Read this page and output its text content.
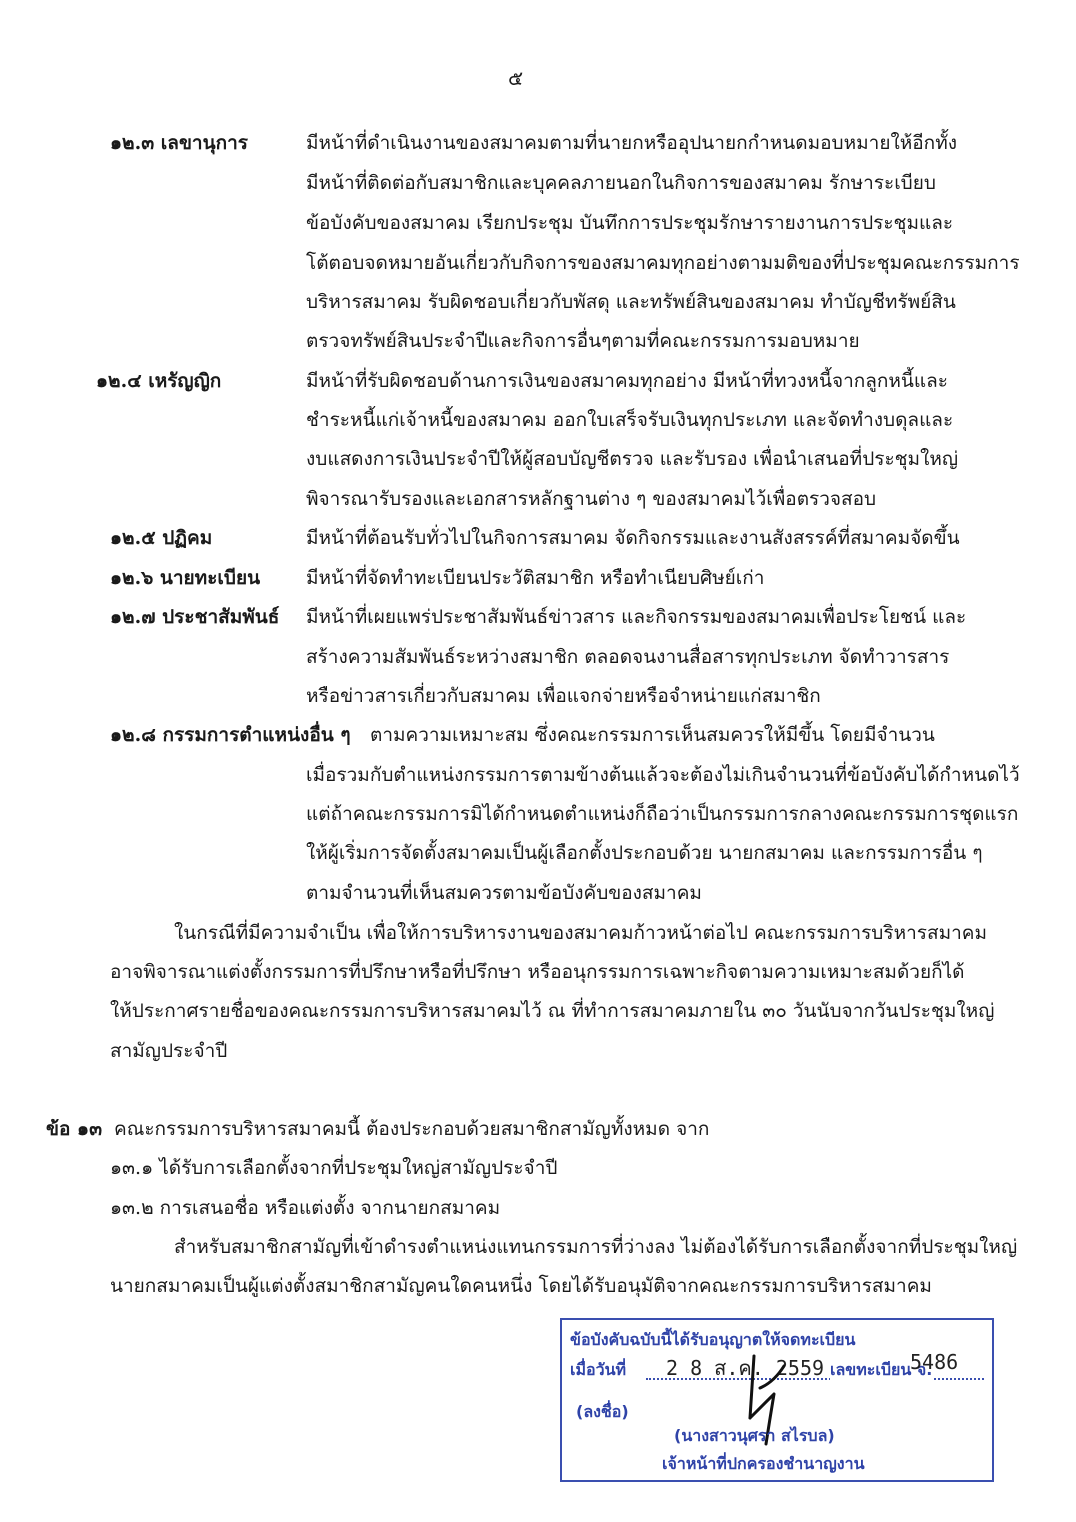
๕
๑๒.๓ เลขานุการ	มีหน้าที่ดำเนินงานของสมาคมตามที่นายกหรืออุปนายกกำหนดมอบหมายให้อีกทั้ง
มีหน้าที่ติดต่อกับสมาชิกและบุคคลภายนอกในกิจการของสมาคม รักษาระเบียบ
ข้อบังคับของสมาคม เรียกประชุม บันทึกการประชุมรักษารายงานการประชุมและ
โต้ตอบจดหมายอันเกี่ยวกับกิจการของสมาคมทุกอย่างตามมติของที่ประชุมคณะกรรมการ
บริหารสมาคม รับผิดชอบเกี่ยวกับพัสดุ และทรัพย์สินของสมาคม ทำบัญชีทรัพย์สิน
ตรวจทรัพย์สินประจำปีและกิจการอื่นๆตามที่คณะกรรมการมอบหมาย
๑๒.๔ เหรัญญิก	มีหน้าที่รับผิดชอบด้านการเงินของสมาคมทุกอย่าง มีหน้าที่ทวงหนี้จากลูกหนี้และ
ชำระหนี้แก่เจ้าหนี้ของสมาคม ออกใบเสร็จรับเงินทุกประเภท และจัดทำงบดุลและ
งบแสดงการเงินประจำปีให้ผู้สอบบัญชีตรวจ และรับรอง เพื่อนำเสนอที่ประชุมใหญ่
พิจารณารับรองและเอกสารหลักฐานต่าง ๆ ของสมาคมไว้เพื่อตรวจสอบ
๑๒.๕ ปฏิคม	มีหน้าที่ต้อนรับทั่วไปในกิจการสมาคม จัดกิจกรรมและงานสังสรรค์ที่สมาคมจัดขึ้น
๑๒.๖ นายทะเบียน มีหน้าที่จัดทำทะเบียนประวัติสมาชิก หรือทำเนียบศิษย์เก่า
๑๒.๗ ประชาสัมพันธ์ มีหน้าที่เผยแพร่ประชาสัมพันธ์ข่าวสาร และกิจกรรมของสมาคมเพื่อประโยชน์ และ
สร้างความสัมพันธ์ระหว่างสมาชิก ตลอดจนงานสื่อสารทุกประเภท จัดทำวารสาร
หรือข่าวสารเกี่ยวกับสมาคม เพื่อแจกจ่ายหรือจำหน่ายแก่สมาชิก
๑๒.๘ กรรมการตำแหน่งอื่น ๆ ตามความเหมาะสม ซึ่งคณะกรรมการเห็นสมควรให้มีขึ้น โดยมีจำนวน
เมื่อรวมกับตำแหน่งกรรมการตามข้างต้นแล้วจะต้องไม่เกินจำนวนที่ข้อบังคับได้กำหนดไว้
แต่ถ้าคณะกรรมการมิได้กำหนดตำแหน่งก็ถือว่าเป็นกรรมการกลางคณะกรรมการชุดแรก
ให้ผู้เริ่มการจัดตั้งสมาคมเป็นผู้เลือกตั้งประกอบด้วย นายกสมาคม และกรรมการอื่น ๆ
ตามจำนวนที่เห็นสมควรตามข้อบังคับของสมาคม
ในกรณีที่มีความจำเป็น เพื่อให้การบริหารงานของสมาคมก้าวหน้าต่อไป คณะกรรมการบริหารสมาคม
อาจพิจารณาแต่งตั้งกรรมการที่ปรึกษาหรือที่ปรึกษา หรืออนุกรรมการเฉพาะกิจตามความเหมาะสมด้วยก็ได้
ให้ประกาศรายชื่อของคณะกรรมการบริหารสมาคมไว้ ณ ที่ทำการสมาคมภายใน ๓๐ วันนับจากวันประชุมใหญ่
สามัญประจำปี
ข้อ ๑๓ คณะกรรมการบริหารสมาคมนี้ ต้องประกอบด้วยสมาชิกสามัญทั้งหมด จาก
๑๓.๑ ได้รับการเลือกตั้งจากที่ประชุมใหญ่สามัญประจำปี
๑๓.๒ การเสนอชื่อ หรือแต่งตั้ง จากนายกสมาคม
สำหรับสมาชิกสามัญที่เข้าดำรงตำแหน่งแทนกรรมการที่ว่างลง ไม่ต้องได้รับการเลือกตั้งจากที่ประชุมใหญ่
นายกสมาคมเป็นผู้แต่งตั้งสมาชิกสามัญคนใดคนหนึ่ง โดยได้รับอนุมัติจากคณะกรรมการบริหารสมาคม
ข้อบังคับฉบับนี้ได้รับอนุญาตให้จดทะเบียน
เมื่อวันที่ 2 8 ส.ค. 2559 เลขทะเบียน จ.
5486
(ลงชื่อ)
(นางสาวนุศรา สไรบล)
เจ้าหน้าที่ปกครองชำนาญงาน
